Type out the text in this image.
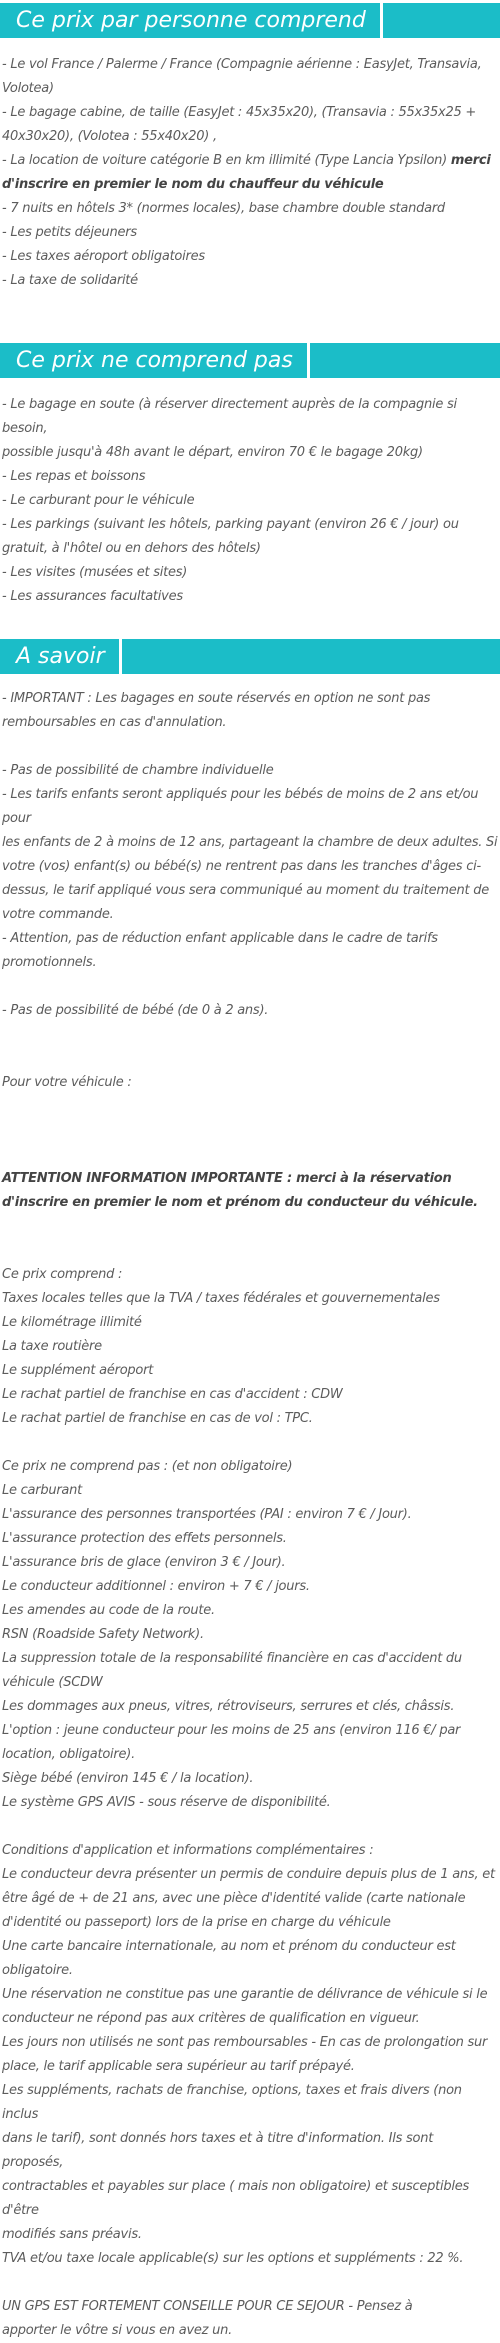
Ce prix par personne comprend
- Le vol France / Palerme / France (Compagnie aérienne : EasyJet, Transavia,
Volotea)
- Le bagage cabine, de taille (EasyJet : 45x35x20), (Transavia : 55x35x25 +
40x30x20), (Volotea : 55x40x20) ,
- La location de voiture catégorie B en km illimité (Type Lancia Ypsilon) merci
d'inscrire en premier le nom du chauffeur du véhicule
- 7 nuits en hôtels 3* (normes locales), base chambre double standard
- Les petits déjeuners
- Les taxes aéroport obligatoires
- La taxe de solidarité
Ce prix ne comprend pas
- Le bagage en soute (à réserver directement auprès de la compagnie si besoin,
possible jusqu'à 48h avant le départ, environ 70 € le bagage 20kg)
- Les repas et boissons
- Le carburant pour le véhicule
- Les parkings (suivant les hôtels, parking payant (environ 26 € / jour) ou
gratuit, à l'hôtel ou en dehors des hôtels)
- Les visites (musées et sites)
- Les assurances facultatives
A savoir
- IMPORTANT : Les bagages en soute réservés en option ne sont pas
remboursables en cas d'annulation.
- Pas de possibilité de chambre individuelle
- Les tarifs enfants seront appliqués pour les bébés de moins de 2 ans et/ou pour
les enfants de 2 à moins de 12 ans, partageant la chambre de deux adultes. Si
votre (vos) enfant(s) ou bébé(s) ne rentrent pas dans les tranches d'âges ci-
dessus, le tarif appliqué vous sera communiqué au moment du traitement de
votre commande.
- Attention, pas de réduction enfant applicable dans le cadre de tarifs
promotionnels.
- Pas de possibilité de bébé (de 0 à 2 ans).
Pour votre véhicule :
ATTENTION INFORMATION IMPORTANTE : merci à la réservation
d'inscrire en premier le nom et prénom du conducteur du véhicule.
Ce prix comprend :
Taxes locales telles que la TVA / taxes fédérales et gouvernementales
Le kilométrage illimité
La taxe routière
Le supplément aéroport
Le rachat partiel de franchise en cas d'accident : CDW
Le rachat partiel de franchise en cas de vol : TPC.
Ce prix ne comprend pas : (et non obligatoire)
Le carburant
L'assurance des personnes transportées (PAI : environ 7 € / Jour).
L'assurance protection des effets personnels.
L'assurance bris de glace (environ 3 € / Jour).
Le conducteur additionnel : environ + 7 € / jours.
Les amendes au code de la route.
RSN (Roadside Safety Network).
La suppression totale de la responsabilité financière en cas d'accident du
véhicule (SCDW
Les dommages aux pneus, vitres, rétroviseurs, serrures et clés, châssis.
L'option : jeune conducteur pour les moins de 25 ans (environ 116 €/ par
location, obligatoire).
Siège bébé (environ 145 € / la location).
Le système GPS AVIS - sous réserve de disponibilité.
Conditions d'application et informations complémentaires :
Le conducteur devra présenter un permis de conduire depuis plus de 1 ans, et
être âgé de + de 21 ans, avec une pièce d'identité valide (carte nationale
d'identité ou passeport) lors de la prise en charge du véhicule
Une carte bancaire internationale, au nom et prénom du conducteur est
obligatoire.
Une réservation ne constitue pas une garantie de délivrance de véhicule si le
conducteur ne répond pas aux critères de qualification en vigueur.
Les jours non utilisés ne sont pas remboursables - En cas de prolongation sur
place, le tarif applicable sera supérieur au tarif prépayé.
Les suppléments, rachats de franchise, options, taxes et frais divers (non inclus
dans le tarif), sont donnés hors taxes et à titre d'information. Ils sont proposés,
contractables et payables sur place ( mais non obligatoire) et susceptibles d'être
modifiés sans préavis.
TVA et/ou taxe locale applicable(s) sur les options et suppléments : 22 %.
UN GPS EST FORTEMENT CONSEILLE POUR CE SEJOUR - Pensez à
apporter le vôtre si vous en avez un.
